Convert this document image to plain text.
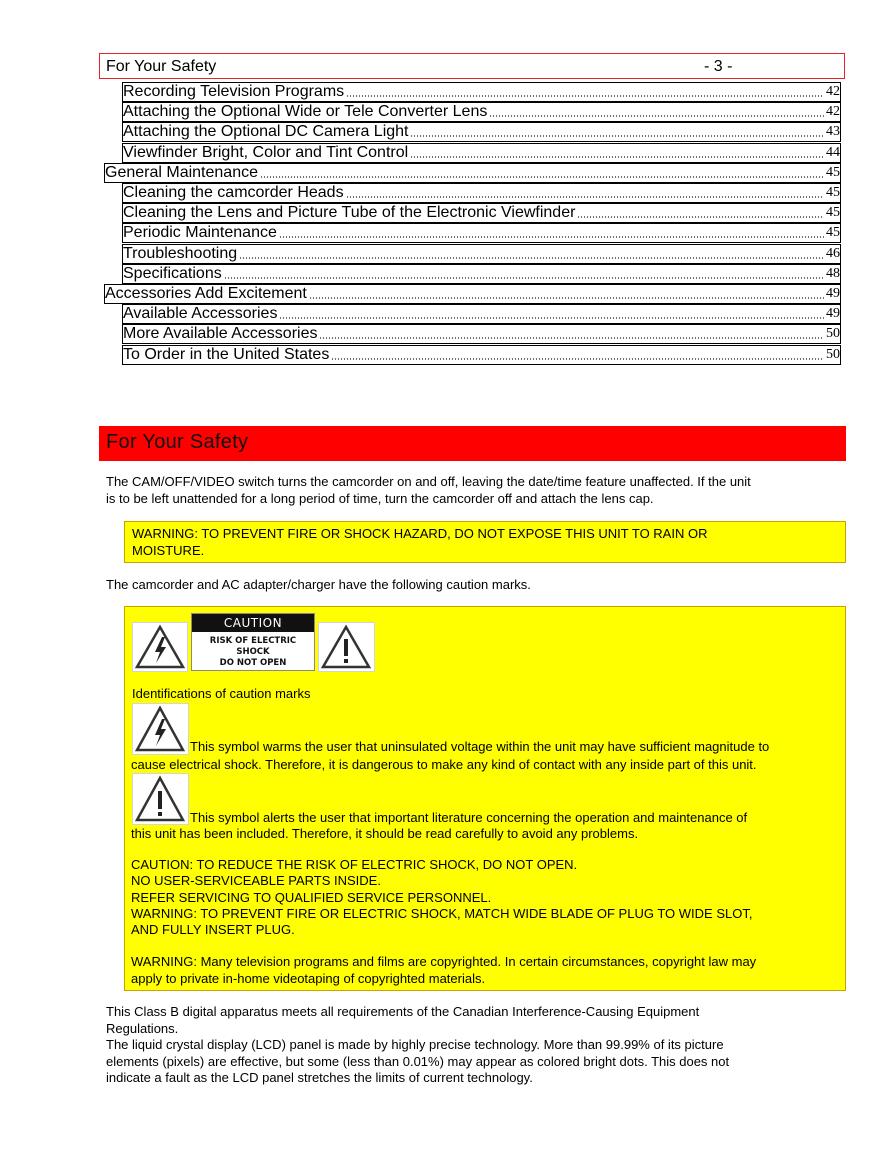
For Your Safety	- 3 -
Recording Television Programs	42
Attaching the Optional Wide or Tele Converter Lens	42
Attaching the Optional DC Camera Light	43
Viewfinder Bright, Color and Tint Control	44
General Maintenance	45
Cleaning the camcorder Heads	45
Cleaning the Lens and Picture Tube of the Electronic Viewfinder	45
Periodic Maintenance	45
Troubleshooting	46
Specifications	48
Accessories Add Excitement	49
Available Accessories	49
More Available Accessories	50
To Order in the United States	50
For Your Safety
The CAM/OFF/VIDEO switch turns the camcorder on and off, leaving the date/time feature unaffected. If the unit
is to be left unattended for a long period of time, turn the camcorder off and attach the lens cap.
WARNING: TO PREVENT FIRE OR SHOCK HAZARD, DO NOT EXPOSE THIS UNIT TO RAIN OR
MOISTURE.
The camcorder and AC adapter/charger have the following caution marks.
CAUTION
RISK OF ELECTRIC SHOCK
DO NOT OPEN
Identifications of caution marks
This symbol warms the user that uninsulated voltage within the unit may have sufficient magnitude to
cause electrical shock. Therefore, it is dangerous to make any kind of contact with any inside part of this unit.
This symbol alerts the user that important literature concerning the operation and maintenance of
this unit has been included. Therefore, it should be read carefully to avoid any problems.
CAUTION: TO REDUCE THE RISK OF ELECTRIC SHOCK, DO NOT OPEN.
NO USER-SERVICEABLE PARTS INSIDE.
REFER SERVICING TO QUALIFIED SERVICE PERSONNEL.
WARNING: TO PREVENT FIRE OR ELECTRIC SHOCK, MATCH WIDE BLADE OF PLUG TO WIDE SLOT,
AND FULLY INSERT PLUG.
WARNING: Many television programs and films are copyrighted. In certain circumstances, copyright law may
apply to private in-home videotaping of copyrighted materials.
This Class B digital apparatus meets all requirements of the Canadian Interference-Causing Equipment
Regulations.
The liquid crystal display (LCD) panel is made by highly precise technology. More than 99.99% of its picture
elements (pixels) are effective, but some (less than 0.01%) may appear as colored bright dots. This does not
indicate a fault as the LCD panel stretches the limits of current technology.
